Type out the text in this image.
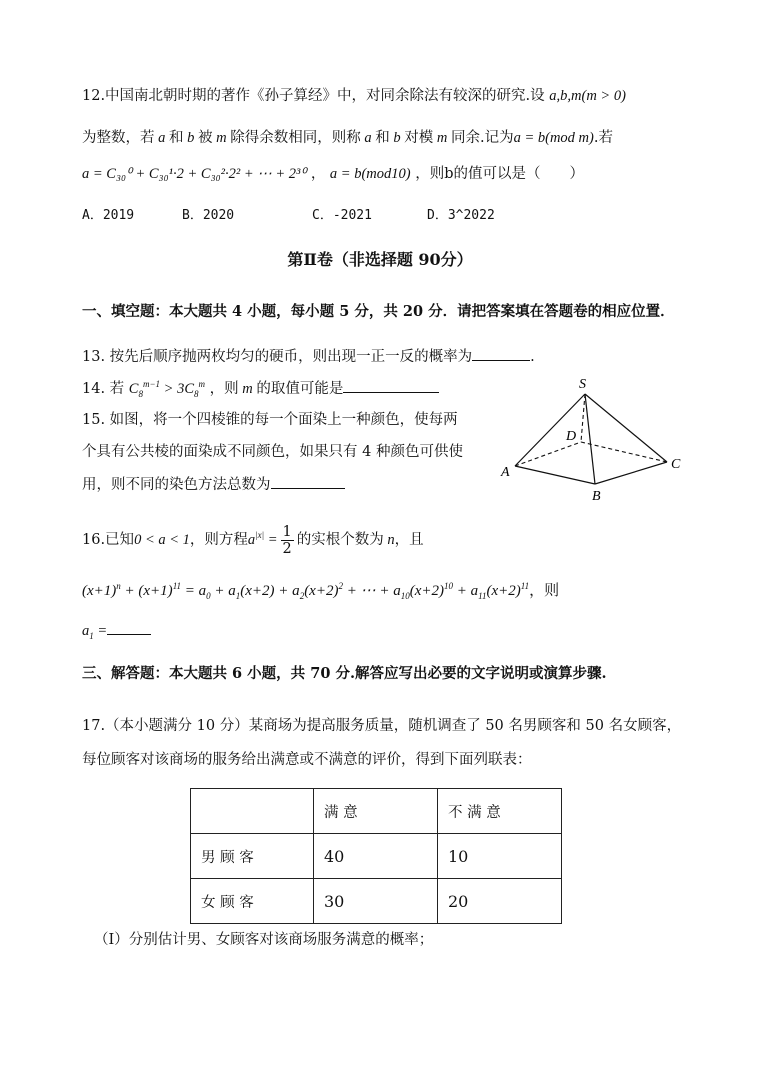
12.中国南北朝时期的著作《孙子算经》中，对同余除法有较深的研究.设 a,b,m(m > 0)
为整数，若 a 和 b 被 m 除得余数相同，则称 a 和 b 对模 m 同余.记为a = b(mod m).若
a = C₃₀⁰ + C₃₀¹·2 + C₃₀²·2² + ⋯ + 2³⁰ ， a = b(mod10) ，则b的值可以是（　　）
A．2019	B．2020	C．-2021	D．3^2022
第Ⅱ卷（非选择题 90分）
一、填空题：本大题共 4 小题，每小题 5 分，共 20 分．请把答案填在答题卷的相应位置．
13. 按先后顺序抛两枚均匀的硬币，则出现一正一反的概率为	.
14. 若 $C_8^{m-1} > 3C_8^m$ ，则 m 的取值可能是
15. 如图，将一个四棱锥的每一个面染上一种颜色，使每两
个具有公共棱的面染成不同颜色，如果只有 4 种颜色可供使
用，则不同的染色方法总数为
S
D
A
B
C
16.已知0 < a < 1，则方程$a^{|x|} = \frac{1}{2}$ 的实根个数为 n，且
$(x+1)^n + (x+1)^{11} = a_0 + a_1(x+2) + a_2(x+2)^2$ + ⋯ + $a_{10}(x+2)^{10} + a_{11}(x+2)^{11}$，则
$a_1$ =
三、解答题：本大题共 6 小题，共 70 分.解答应写出必要的文字说明或演算步骤.
17.（本小题满分 10 分）某商场为提高服务质量，随机调查了 50 名男顾客和 50 名女顾客，
每位顾客对该商场的服务给出满意或不满意的评价，得到下面列联表：
	满 意	不 满 意
男 顾 客	40	10
女 顾 客	30	20
（Ⅰ）分别估计男、女顾客对该商场服务满意的概率；
